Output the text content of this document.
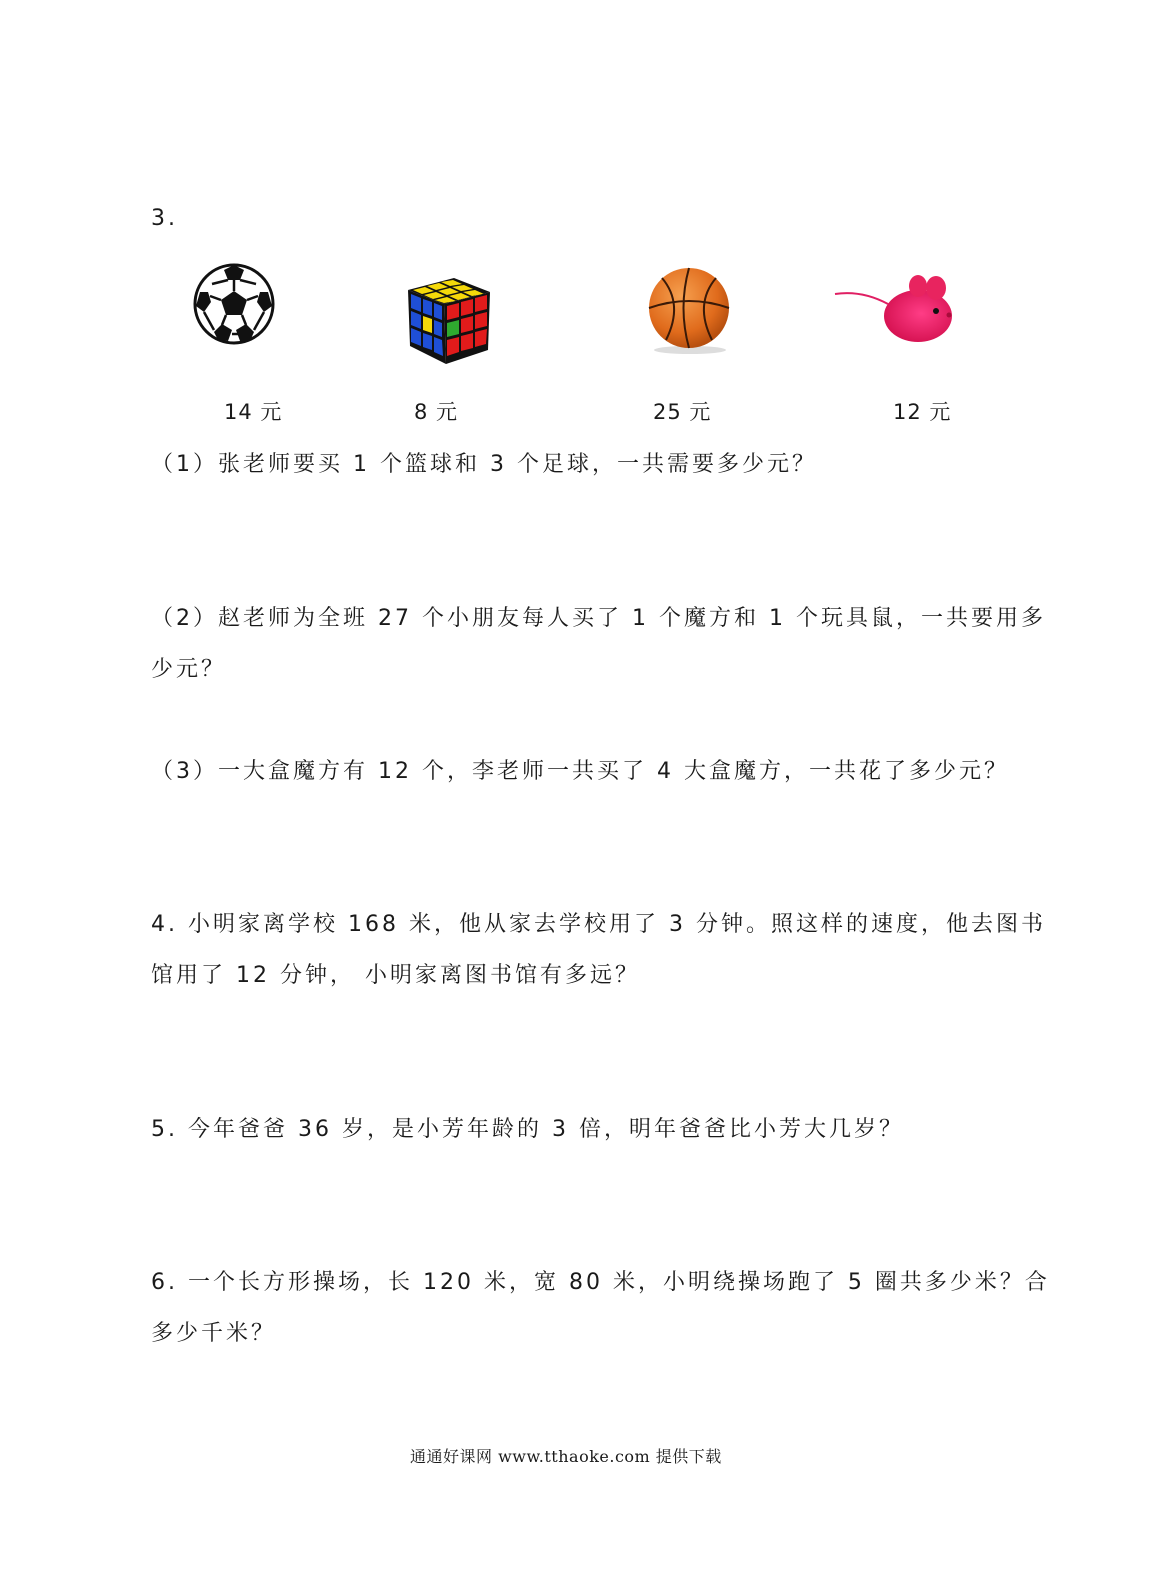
3.
14 元	8 元	25 元	12 元
（1）张老师要买 1 个篮球和 3 个足球，一共需要多少元？
（2）赵老师为全班 27 个小朋友每人买了 1 个魔方和 1 个玩具鼠，一共要用多
少元？
（3）一大盒魔方有 12 个，李老师一共买了 4 大盒魔方，一共花了多少元？
4. 小明家离学校 168 米，他从家去学校用了 3 分钟。照这样的速度，他去图书
馆用了 12 分钟， 小明家离图书馆有多远？
5. 今年爸爸 36 岁，是小芳年龄的 3 倍，明年爸爸比小芳大几岁？
6. 一个长方形操场，长 120 米，宽 80 米，小明绕操场跑了 5 圈共多少米？合
多少千米？
通通好课网 www.tthaoke.com 提供下载
